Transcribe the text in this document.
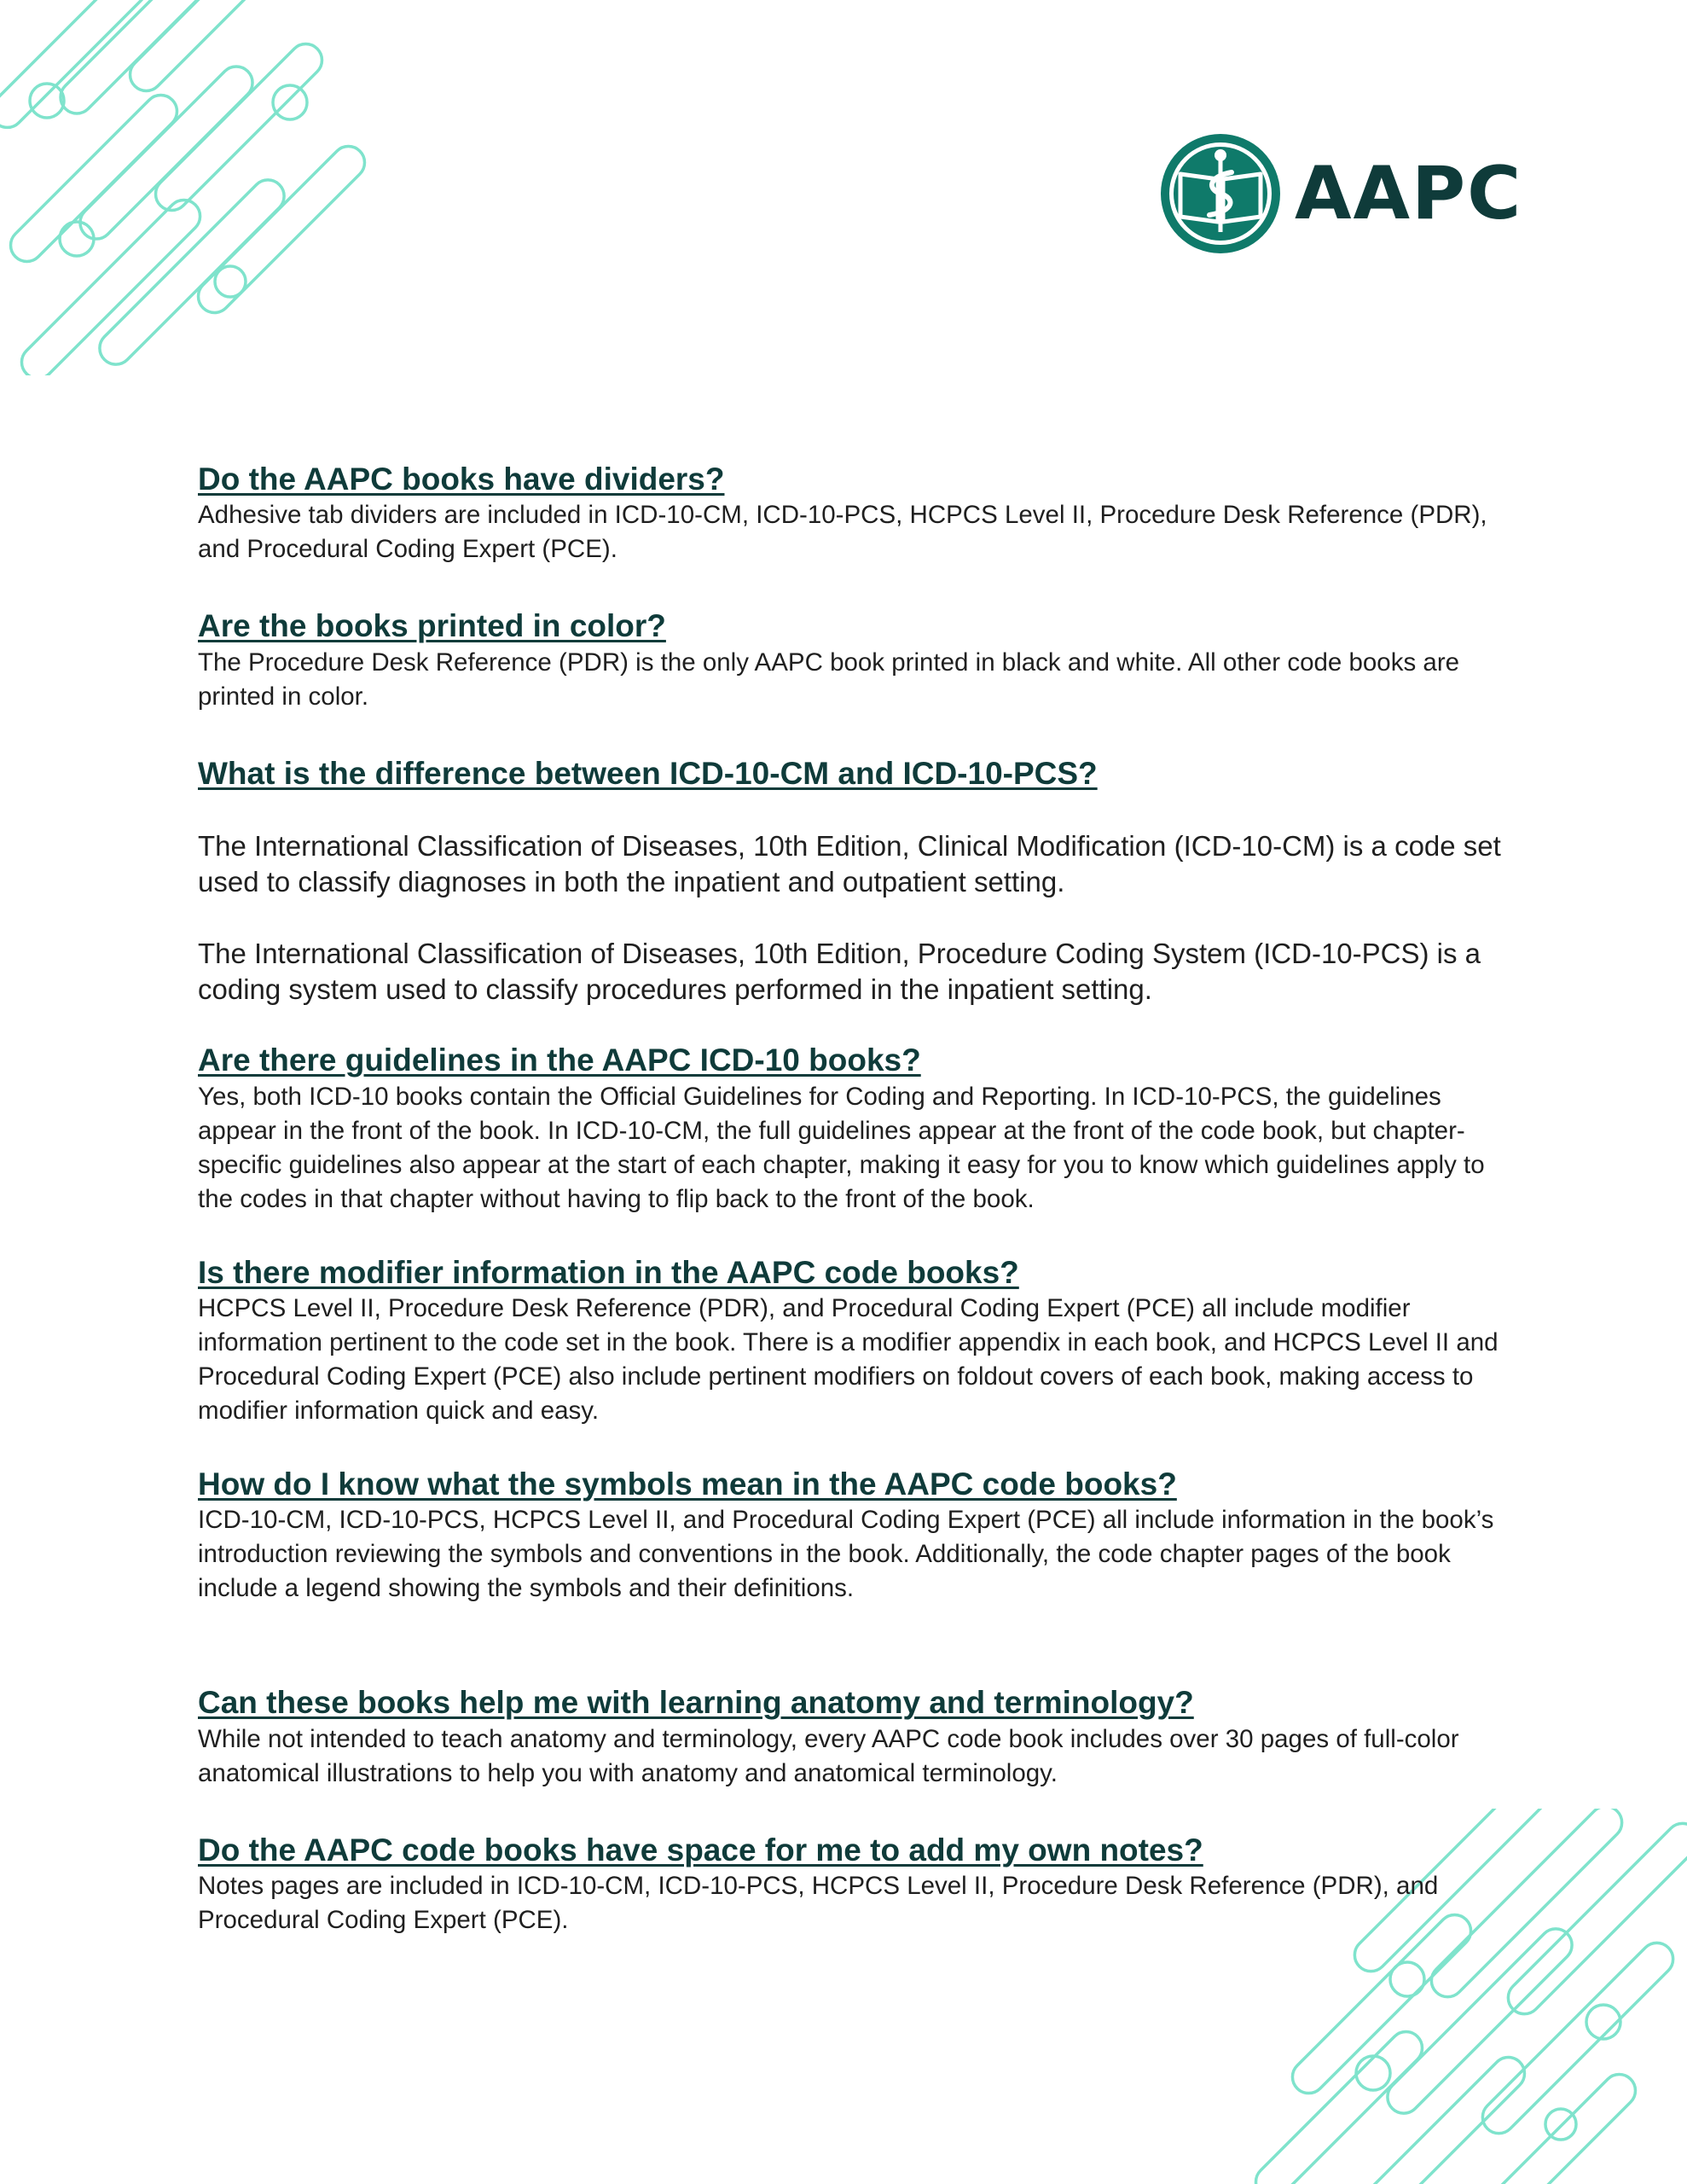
AAPC
Do the AAPC books have dividers?

Adhesive tab dividers are included in ICD-10-CM, ICD-10-PCS, HCPCS Level II, Procedure Desk Reference (PDR), and Procedural Coding Expert (PCE).

Are the books printed in color?

The Procedure Desk Reference (PDR) is the only AAPC book printed in black and white. All other code books are printed in color.

What is the difference between ICD-10-CM and ICD-10-PCS?

The International Classification of Diseases, 10th Edition, Clinical Modification (ICD-10-CM) is a code set used to classify diagnoses in both the inpatient and outpatient setting.

The International Classification of Diseases, 10th Edition, Procedure Coding System (ICD-10-PCS) is a coding system used to classify procedures performed in the inpatient setting.

Are there guidelines in the AAPC ICD-10 books?

Yes, both ICD-10 books contain the Official Guidelines for Coding and Reporting. In ICD-10-PCS, the guidelines appear in the front of the book. In ICD-10-CM, the full guidelines appear at the front of the code book, but chapter-specific guidelines also appear at the start of each chapter, making it easy for you to know which guidelines apply to the codes in that chapter without having to flip back to the front of the book.

Is there modifier information in the AAPC code books?

HCPCS Level II, Procedure Desk Reference (PDR), and Procedural Coding Expert (PCE) all include modifier information pertinent to the code set in the book. There is a modifier appendix in each book, and HCPCS Level II and Procedural Coding Expert (PCE) also include pertinent modifiers on foldout covers of each book, making access to modifier information quick and easy.

How do I know what the symbols mean in the AAPC code books?

ICD-10-CM, ICD-10-PCS, HCPCS Level II, and Procedural Coding Expert (PCE) all include information in the book’s introduction reviewing the symbols and conventions in the book. Additionally, the code chapter pages of the book include a legend showing the symbols and their definitions.

Can these books help me with learning anatomy and terminology?

While not intended to teach anatomy and terminology, every AAPC code book includes over 30 pages of full-color anatomical illustrations to help you with anatomy and anatomical terminology.

Do the AAPC code books have space for me to add my own notes?

Notes pages are included in ICD-10-CM, ICD-10-PCS, HCPCS Level II, Procedure Desk Reference (PDR), and Procedural Coding Expert (PCE).
